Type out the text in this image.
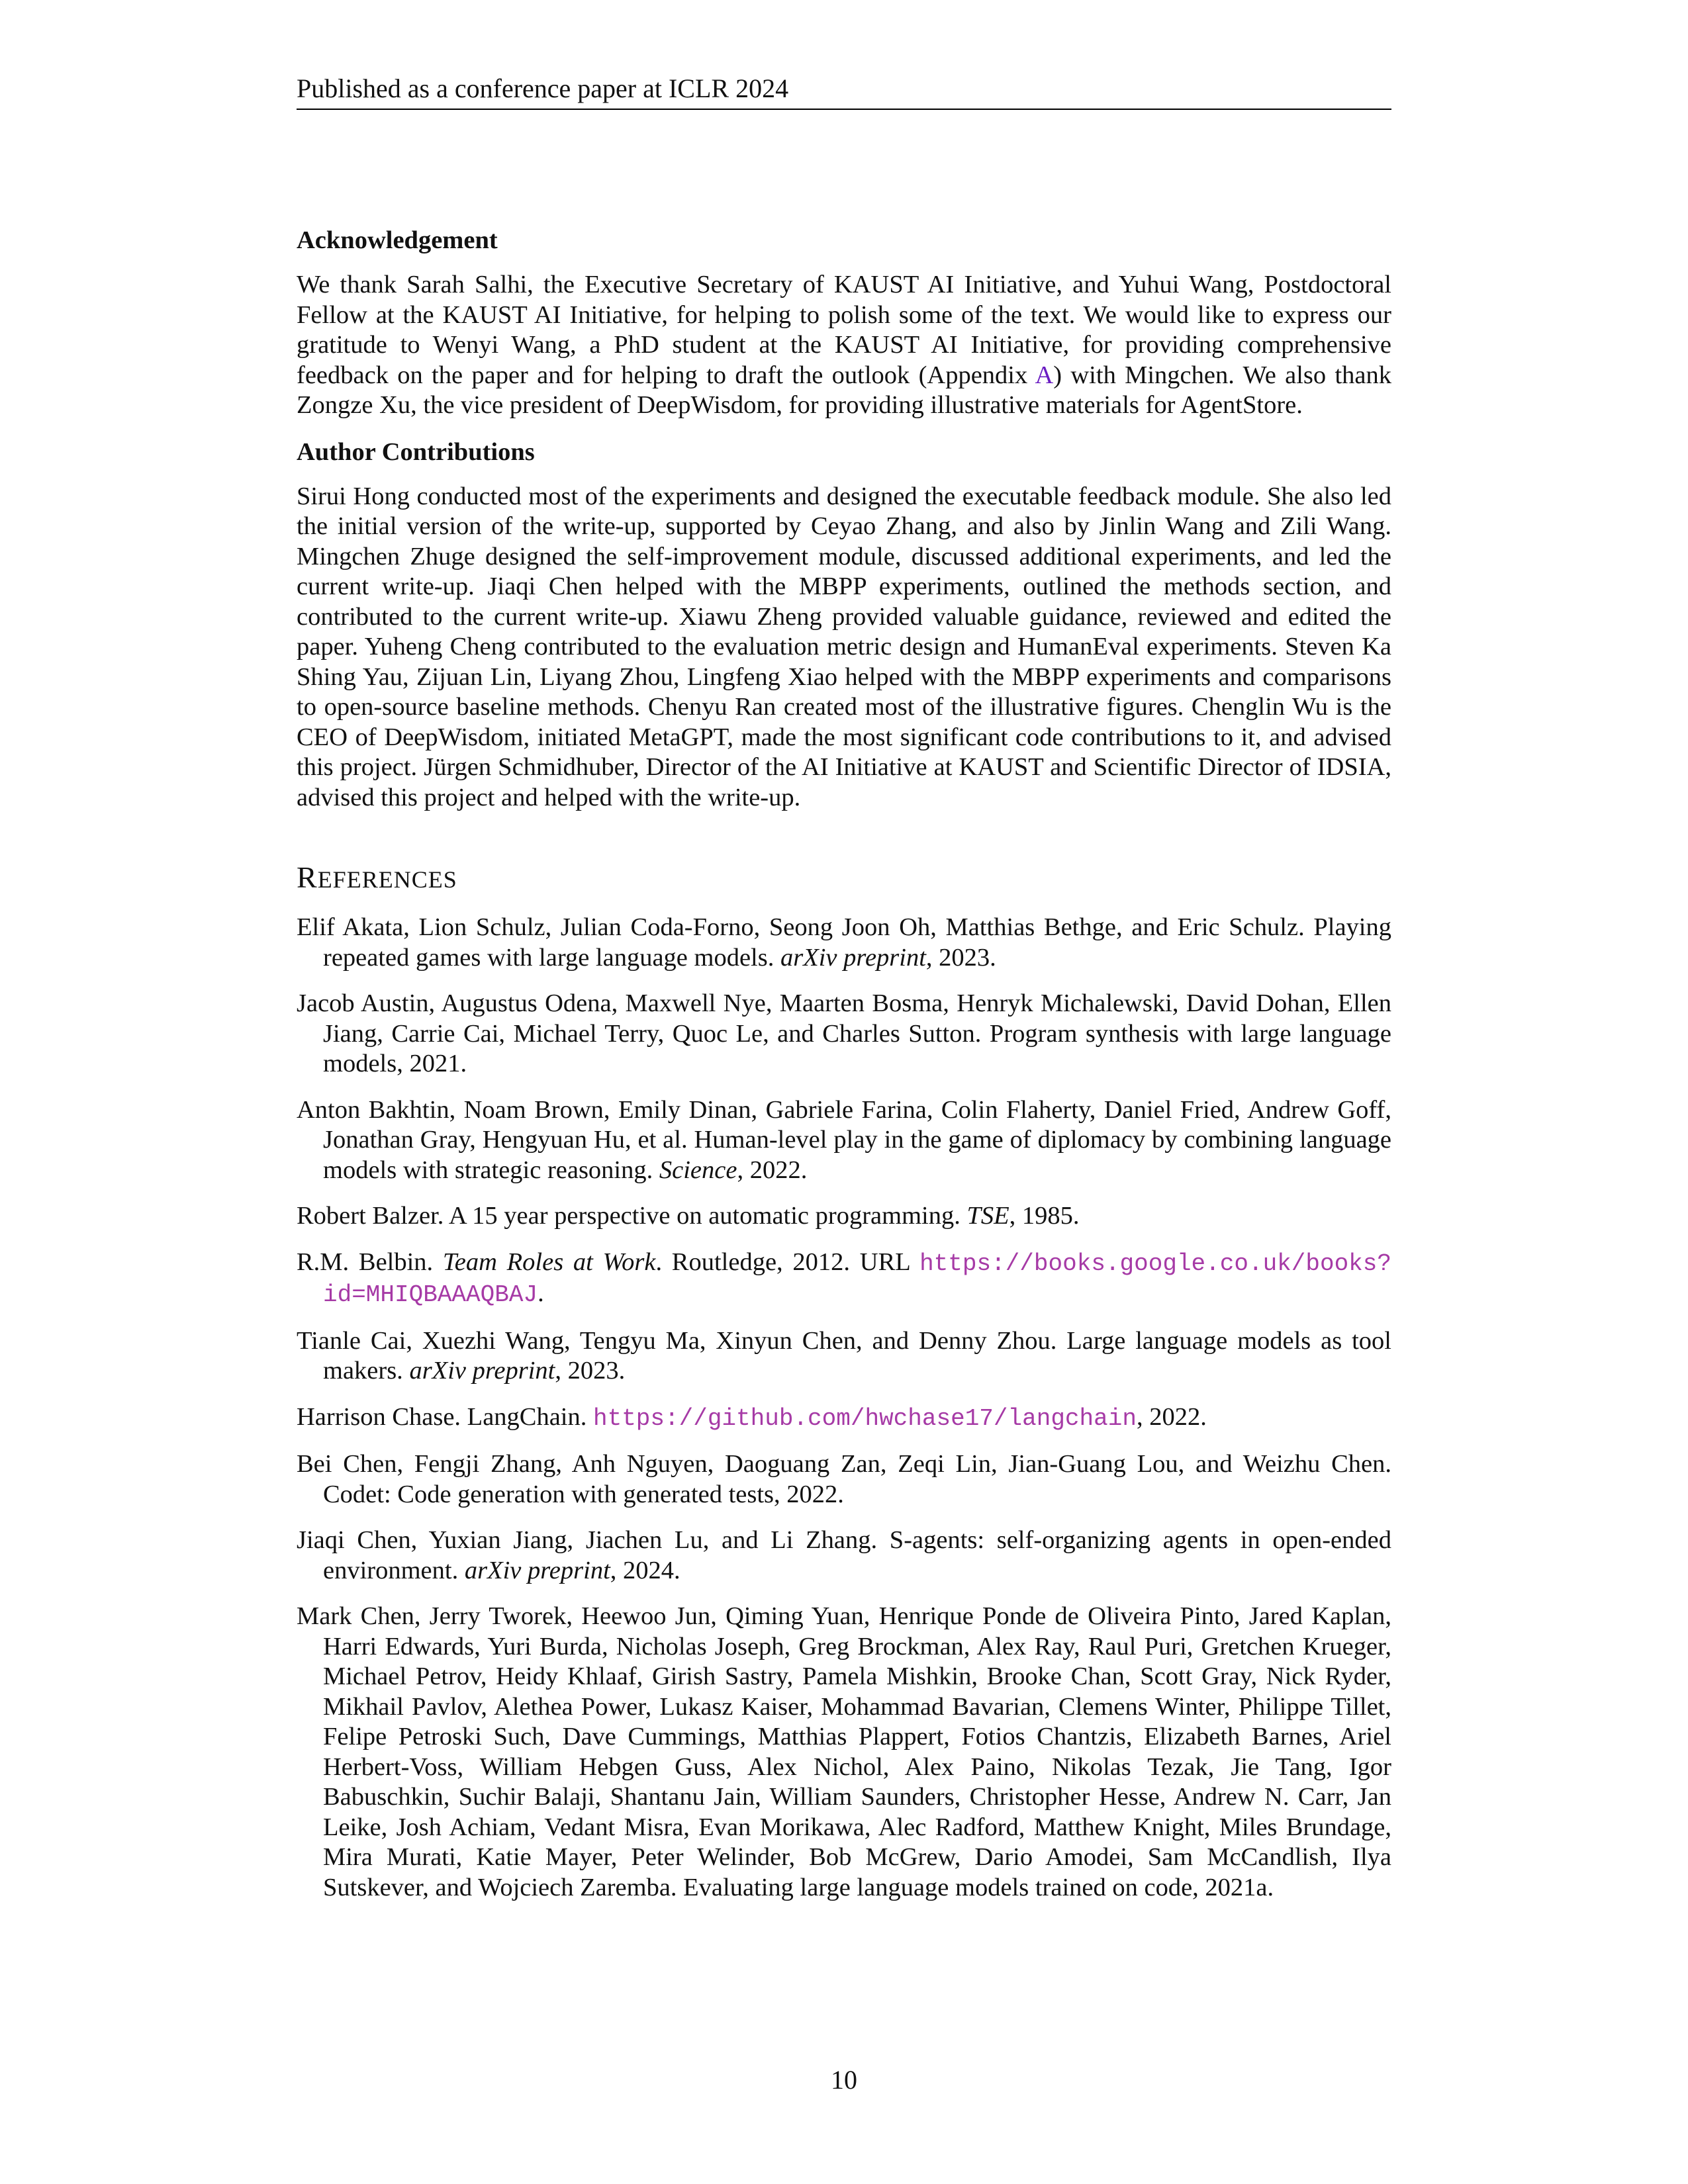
Published as a conference paper at ICLR 2024
Acknowledgement

We thank Sarah Salhi, the Executive Secretary of KAUST AI Initiative, and Yuhui Wang, Postdoctoral Fellow at the KAUST AI Initiative, for helping to polish some of the text. We would like to express our gratitude to Wenyi Wang, a PhD student at the KAUST AI Initiative, for providing comprehensive feedback on the paper and for helping to draft the outlook (Appendix A) with Mingchen. We also thank Zongze Xu, the vice president of DeepWisdom, for providing illustrative materials for AgentStore.

Author Contributions

Sirui Hong conducted most of the experiments and designed the executable feedback module. She also led the initial version of the write-up, supported by Ceyao Zhang, and also by Jinlin Wang and Zili Wang. Mingchen Zhuge designed the self-improvement module, discussed additional experiments, and led the current write-up. Jiaqi Chen helped with the MBPP experiments, outlined the methods section, and contributed to the current write-up. Xiawu Zheng provided valuable guidance, reviewed and edited the paper. Yuheng Cheng contributed to the evaluation metric design and HumanEval experiments. Steven Ka Shing Yau, Zijuan Lin, Liyang Zhou, Lingfeng Xiao helped with the MBPP experiments and comparisons to open-source baseline methods. Chenyu Ran created most of the illustrative figures. Chenglin Wu is the CEO of DeepWisdom, initiated MetaGPT, made the most significant code contributions to it, and advised this project. Jürgen Schmidhuber, Director of the AI Initiative at KAUST and Scientific Director of IDSIA, advised this project and helped with the write-up.

REFERENCES

Elif Akata, Lion Schulz, Julian Coda-Forno, Seong Joon Oh, Matthias Bethge, and Eric Schulz. Playing repeated games with large language models. arXiv preprint, 2023.

Jacob Austin, Augustus Odena, Maxwell Nye, Maarten Bosma, Henryk Michalewski, David Dohan, Ellen Jiang, Carrie Cai, Michael Terry, Quoc Le, and Charles Sutton. Program synthesis with large language models, 2021.

Anton Bakhtin, Noam Brown, Emily Dinan, Gabriele Farina, Colin Flaherty, Daniel Fried, Andrew Goff, Jonathan Gray, Hengyuan Hu, et al. Human-level play in the game of diplomacy by combining language models with strategic reasoning. Science, 2022.

Robert Balzer. A 15 year perspective on automatic programming. TSE, 1985.

R.M. Belbin. Team Roles at Work. Routledge, 2012. URL https://books.google.co.uk/books?id=MHIQBAAAQBAJ.

Tianle Cai, Xuezhi Wang, Tengyu Ma, Xinyun Chen, and Denny Zhou. Large language models as tool makers. arXiv preprint, 2023.

Harrison Chase. LangChain. https://github.com/hwchase17/langchain, 2022.

Bei Chen, Fengji Zhang, Anh Nguyen, Daoguang Zan, Zeqi Lin, Jian-Guang Lou, and Weizhu Chen. Codet: Code generation with generated tests, 2022.

Jiaqi Chen, Yuxian Jiang, Jiachen Lu, and Li Zhang. S-agents: self-organizing agents in open-ended environment. arXiv preprint, 2024.

Mark Chen, Jerry Tworek, Heewoo Jun, Qiming Yuan, Henrique Ponde de Oliveira Pinto, Jared Kaplan, Harri Edwards, Yuri Burda, Nicholas Joseph, Greg Brockman, Alex Ray, Raul Puri, Gretchen Krueger, Michael Petrov, Heidy Khlaaf, Girish Sastry, Pamela Mishkin, Brooke Chan, Scott Gray, Nick Ryder, Mikhail Pavlov, Alethea Power, Lukasz Kaiser, Mohammad Bavarian, Clemens Winter, Philippe Tillet, Felipe Petroski Such, Dave Cummings, Matthias Plappert, Fotios Chantzis, Elizabeth Barnes, Ariel Herbert-Voss, William Hebgen Guss, Alex Nichol, Alex Paino, Nikolas Tezak, Jie Tang, Igor Babuschkin, Suchir Balaji, Shantanu Jain, William Saunders, Christopher Hesse, Andrew N. Carr, Jan Leike, Josh Achiam, Vedant Misra, Evan Morikawa, Alec Radford, Matthew Knight, Miles Brundage, Mira Murati, Katie Mayer, Peter Welinder, Bob McGrew, Dario Amodei, Sam McCandlish, Ilya Sutskever, and Wojciech Zaremba. Evaluating large language models trained on code, 2021a.

10
